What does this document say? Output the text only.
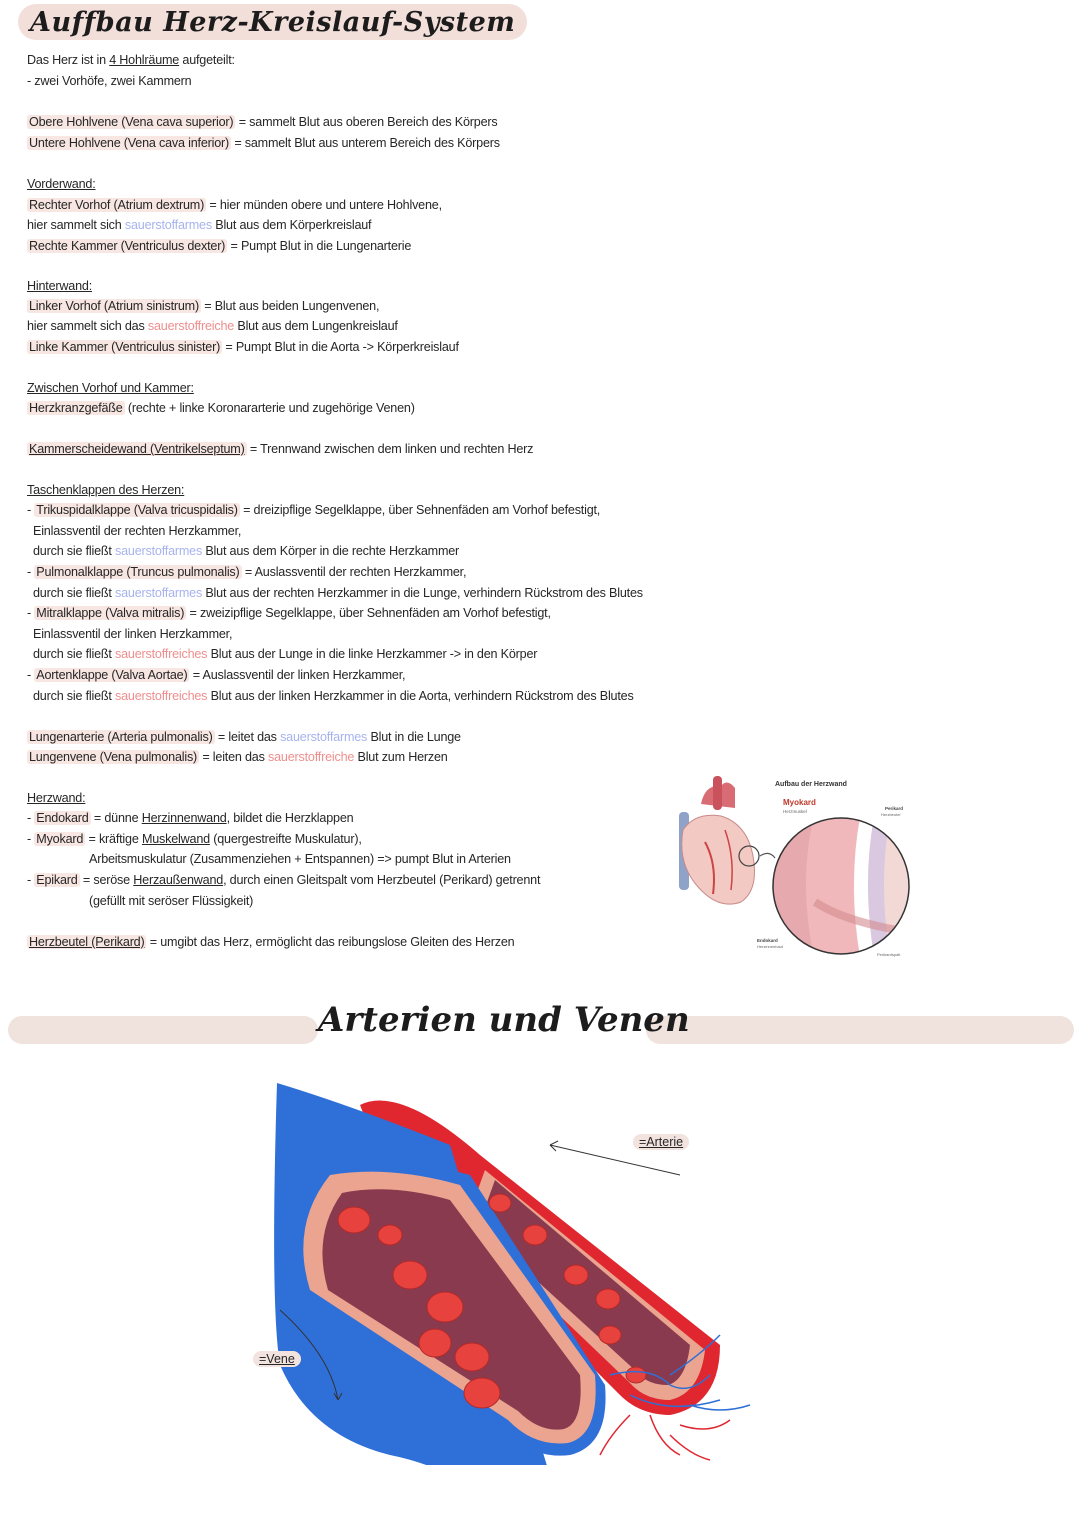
Auffbau Herz-Kreislauf-System
Das Herz ist in 4 Hohlräume aufgeteilt:
- zwei Vorhöfe, zwei Kammern
Obere Hohlvene (Vena cava superior) = sammelt Blut aus oberen Bereich des Körpers
Untere Hohlvene (Vena cava inferior) = sammelt Blut aus unterem Bereich des Körpers
Vorderwand:
Rechter Vorhof (Atrium dextrum) = hier münden obere und untere Hohlvene,
hier sammelt sich sauerstoffarmes Blut aus dem Körperkreislauf
Rechte Kammer (Ventriculus dexter) = Pumpt Blut in die Lungenarterie
Hinterwand:
Linker Vorhof (Atrium sinistrum) = Blut aus beiden Lungenvenen,
hier sammelt sich das sauerstoffreiche Blut aus dem Lungenkreislauf
Linke Kammer (Ventriculus sinister) = Pumpt Blut in die Aorta -> Körperkreislauf
Zwischen Vorhof und Kammer:
Herzkranzgefäße (rechte + linke Koronararterie und zugehörige Venen)
Kammerscheidewand (Ventrikelseptum) = Trennwand zwischen dem linken und rechten Herz
Taschenklappen des Herzen:
- Trikuspidalklappe (Valva tricuspidalis) = dreizipflige Segelklappe, über Sehnenfäden am Vorhof befestigt,
Einlassventil der rechten Herzkammer,
durch sie fließt sauerstoffarmes Blut aus dem Körper in die rechte Herzkammer
- Pulmonalklappe (Truncus pulmonalis) = Auslassventil der rechten Herzkammer,
durch sie fließt sauerstoffarmes Blut aus der rechten Herzkammer in die Lunge, verhindern Rückstrom des Blutes
- Mitralklappe (Valva mitralis) = zweizipflige Segelklappe, über Sehnenfäden am Vorhof befestigt,
Einlassventil der linken Herzkammer,
durch sie fließt sauerstoffreiches Blut aus der Lunge in die linke Herzkammer -> in den Körper
- Aortenklappe (Valva Aortae) = Auslassventil der linken Herzkammer,
durch sie fließt sauerstoffreiches Blut aus der linken Herzkammer in die Aorta, verhindern Rückstrom des Blutes
Lungenarterie (Arteria pulmonalis) = leitet das sauerstoffarmes Blut in die Lunge
Lungenvene (Vena pulmonalis) = leiten das sauerstoffreiche Blut zum Herzen
Herzwand:
- Endokard = dünne Herzinnenwand, bildet die Herzklappen
- Myokard = kräftige Muskelwand (quergestreifte Muskulatur),
Arbeitsmuskulatur (Zusammenziehen + Entspannen) => pumpt Blut in Arterien
- Epikard = seröse Herzaußenwand, durch einen Gleitspalt vom Herzbeutel (Perikard) getrennt
(gefüllt mit seröser Flüssigkeit)
Herzbeutel (Perikard) = umgibt das Herz, ermöglicht das reibungslose Gleiten des Herzen
Aufbau der Herzwand
Myokard
Herzmuskel
Perikard
Herzbeutel
Endokard
Herzinnenhaut
Perikardspalt
Arterien und Venen
=Arterie
=Vene
